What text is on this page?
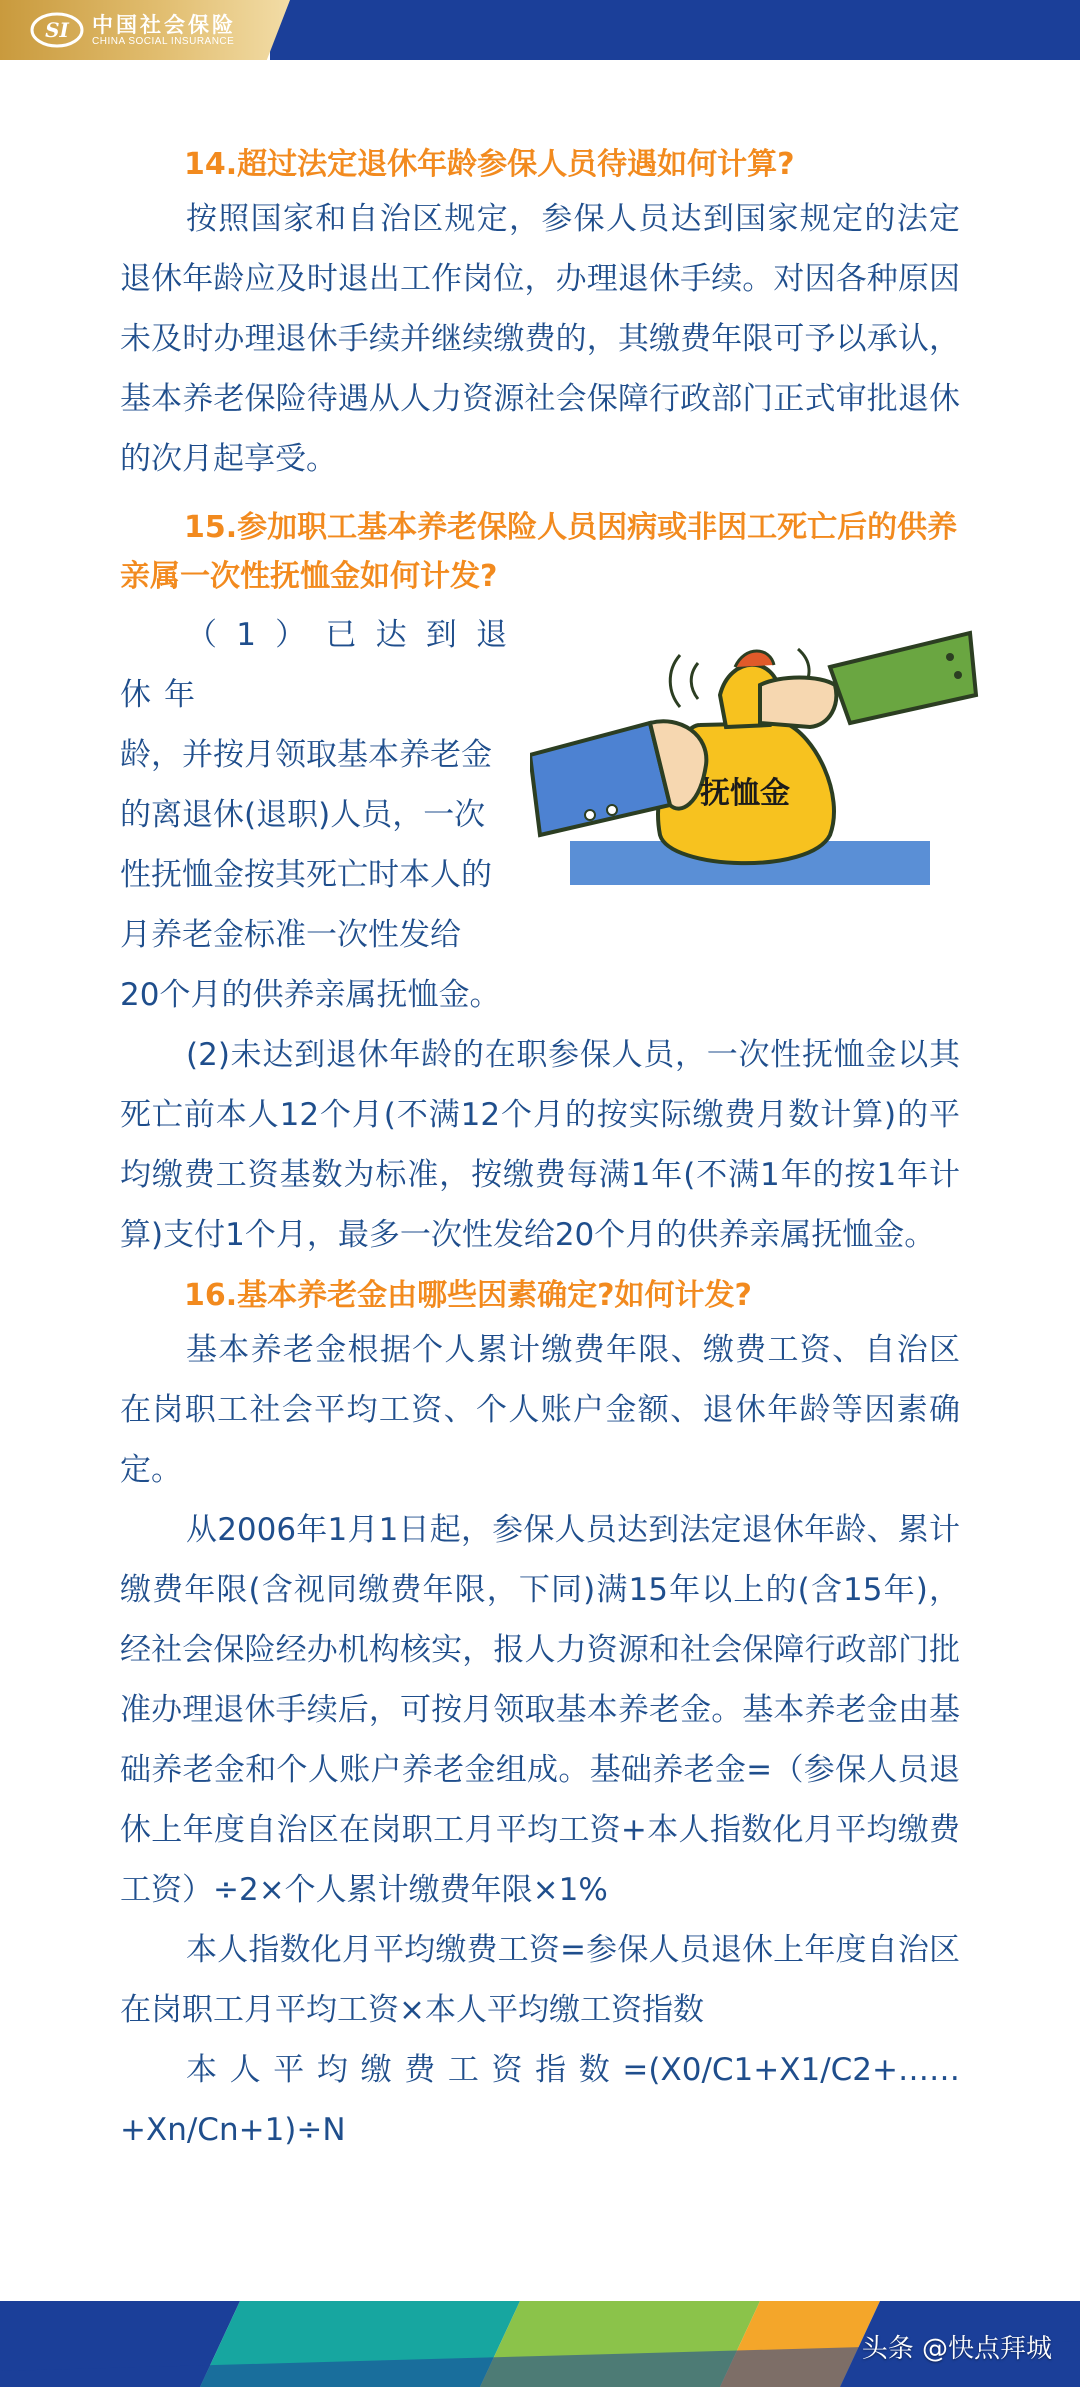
SI 中国社会保险
CHINA SOCIAL INSURANCE
14.超过法定退休年龄参保人员待遇如何计算?

按照国家和自治区规定，参保人员达到国家规定的法定退休年龄应及时退出工作岗位，办理退休手续。对因各种原因未及时办理退休手续并继续缴费的，其缴费年限可予以承认，基本养老保险待遇从人力资源社会保障行政部门正式审批退休的次月起享受。

15.参加职工基本养老保险人员因病或非因工死亡后的供养亲属一次性抚恤金如何计发?

（1）已达到退休年

龄，并按月领取基本养老金

的离退休(退职)人员，一次

性抚恤金按其死亡时本人的

月养老金标准一次性发给

20个月的供养亲属抚恤金。

抚恤金

(2)未达到退休年龄的在职参保人员，一次性抚恤金以其死亡前本人12个月(不满12个月的按实际缴费月数计算)的平均缴费工资基数为标准，按缴费每满1年(不满1年的按1年计算)支付1个月，最多一次性发给20个月的供养亲属抚恤金。

16.基本养老金由哪些因素确定?如何计发?

基本养老金根据个人累计缴费年限、缴费工资、自治区在岗职工社会平均工资、个人账户金额、退休年龄等因素确定。

从2006年1月1日起，参保人员达到法定退休年龄、累计缴费年限(含视同缴费年限，下同)满15年以上的(含15年)，经社会保险经办机构核实，报人力资源和社会保障行政部门批准办理退休手续后，可按月领取基本养老金。基本养老金由基础养老金和个人账户养老金组成。基础养老金=（参保人员退休上年度自治区在岗职工月平均工资+本人指数化月平均缴费工资）÷2×个人累计缴费年限×1%

本人指数化月平均缴费工资=参保人员退休上年度自治区在岗职工月平均工资×本人平均缴工资指数

本人平均缴费工资指数=(X0/C1+X1/C2+……+Xn/Cn+1)÷N

头条 @快点拜城
